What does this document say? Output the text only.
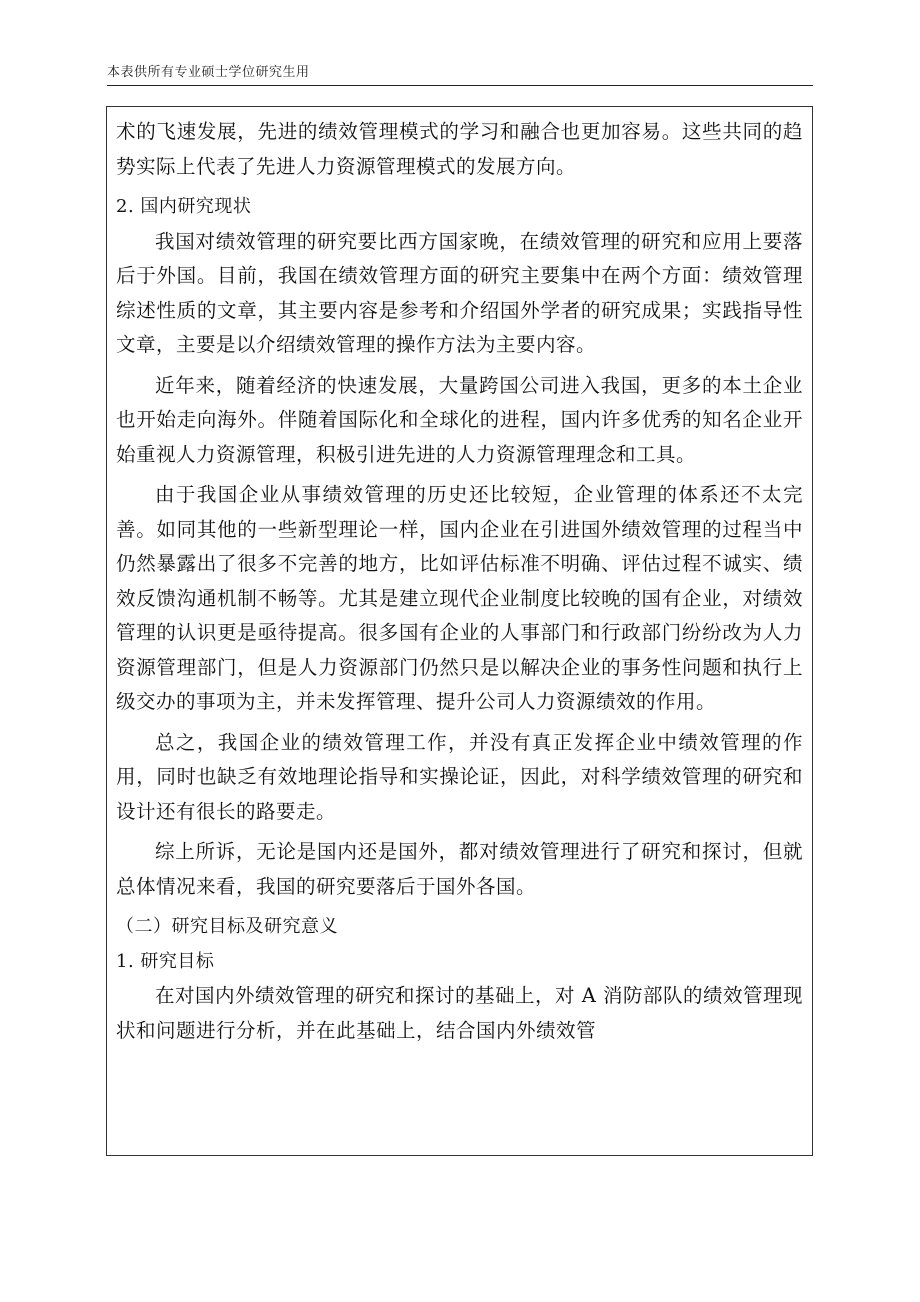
本表供所有专业硕士学位研究生用

术的飞速发展，先进的绩效管理模式的学习和融合也更加容易。这些共同的趋势实际上代表了先进人力资源管理模式的发展方向。

2. 国内研究现状

我国对绩效管理的研究要比西方国家晚，在绩效管理的研究和应用上要落后于外国。目前，我国在绩效管理方面的研究主要集中在两个方面：绩效管理综述性质的文章，其主要内容是参考和介绍国外学者的研究成果；实践指导性文章，主要是以介绍绩效管理的操作方法为主要内容。

近年来，随着经济的快速发展，大量跨国公司进入我国，更多的本土企业也开始走向海外。伴随着国际化和全球化的进程，国内许多优秀的知名企业开始重视人力资源管理，积极引进先进的人力资源管理理念和工具。

由于我国企业从事绩效管理的历史还比较短，企业管理的体系还不太完善。如同其他的一些新型理论一样，国内企业在引进国外绩效管理的过程当中仍然暴露出了很多不完善的地方，比如评估标准不明确、评估过程不诚实、绩效反馈沟通机制不畅等。尤其是建立现代企业制度比较晚的国有企业，对绩效管理的认识更是亟待提高。很多国有企业的人事部门和行政部门纷纷改为人力资源管理部门，但是人力资源部门仍然只是以解决企业的事务性问题和执行上级交办的事项为主，并未发挥管理、提升公司人力资源绩效的作用。

总之，我国企业的绩效管理工作，并没有真正发挥企业中绩效管理的作用，同时也缺乏有效地理论指导和实操论证，因此，对科学绩效管理的研究和设计还有很长的路要走。

综上所诉，无论是国内还是国外，都对绩效管理进行了研究和探讨，但就总体情况来看，我国的研究要落后于国外各国。

（二）研究目标及研究意义

1. 研究目标

在对国内外绩效管理的研究和探讨的基础上，对 A 消防部队的绩效管理现状和问题进行分析，并在此基础上，结合国内外绩效管
